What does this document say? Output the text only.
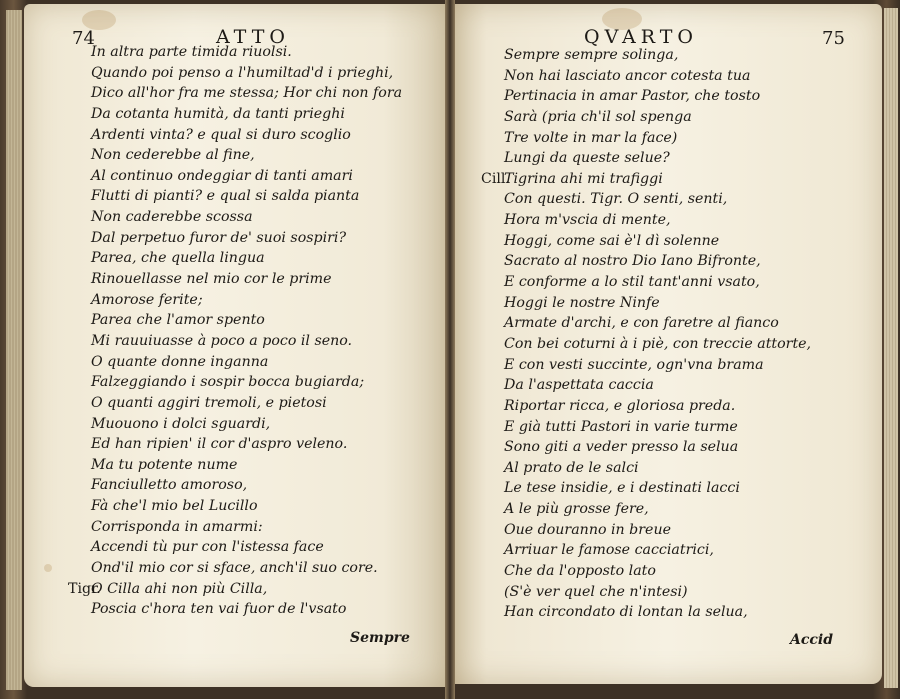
74	ATTO
In altra parte timida riuolsi.
Quando poi penso a l'humiltad'd i prieghi,
Dico all'hor fra me stessa; Hor chi non fora
Da cotanta humità, da tanti prieghi
Ardenti vinta? e qual si duro scoglio
Non cederebbe al fine,
Al continuo ondeggiar di tanti amari
Flutti di pianti? e qual si salda pianta
Non caderebbe scossa
Dal perpetuo furor de' suoi sospiri?
Parea, che quella lingua
Rinouellasse nel mio cor le prime
Amorose ferite;
Parea che l'amor spento
Mi rauuiuasse à poco a poco il seno.
O quante donne inganna
Falzeggiando i sospir bocca bugiarda;
O quanti aggiri tremoli, e pietosi
Muouono i dolci sguardi,
Ed han ripien' il cor d'aspro veleno.
Ma tu potente nume
Fanciulletto amoroso,
Fà che'l mio bel Lucillo
Corrisponda in amarmi:
Accendi tù pur con l'istessa face
Ond'il mio cor si sface, anch'il suo core.
Tigr.
O Cilla ahi non più Cilla,
Poscia c'hora ten vai fuor de l'vsato
Sempre
75
QVARTO
Sempre sempre solinga,
Non hai lasciato ancor cotesta tua
Pertinacia in amar Pastor, che tosto
Sarà (pria ch'il sol spenga
Tre volte in mar la face)
Lungi da queste selue?
Cill.
Tigrina ahi mi trafiggi
Con questi. Tigr. O senti, senti,
Hora m'vscia di mente,
Hoggi, come sai è'l dì solenne
Sacrato al nostro Dio Iano Bifronte,
E conforme a lo stil tant'anni vsato,
Hoggi le nostre Ninfe
Armate d'archi, e con faretre al fianco
Con bei coturni à i piè, con treccie attorte,
E con vesti succinte, ogn'vna brama
Da l'aspettata caccia
Riportar ricca, e gloriosa preda.
E già tutti Pastori in varie turme
Sono giti a veder presso la selua
Al prato de le salci
Le tese insidie, e i destinati lacci
A le più grosse fere,
Oue douranno in breue
Arriuar le famose cacciatrici,
Che da l'opposto lato
(S'è ver quel che n'intesi)
Han circondato di lontan la selua,
Accid
